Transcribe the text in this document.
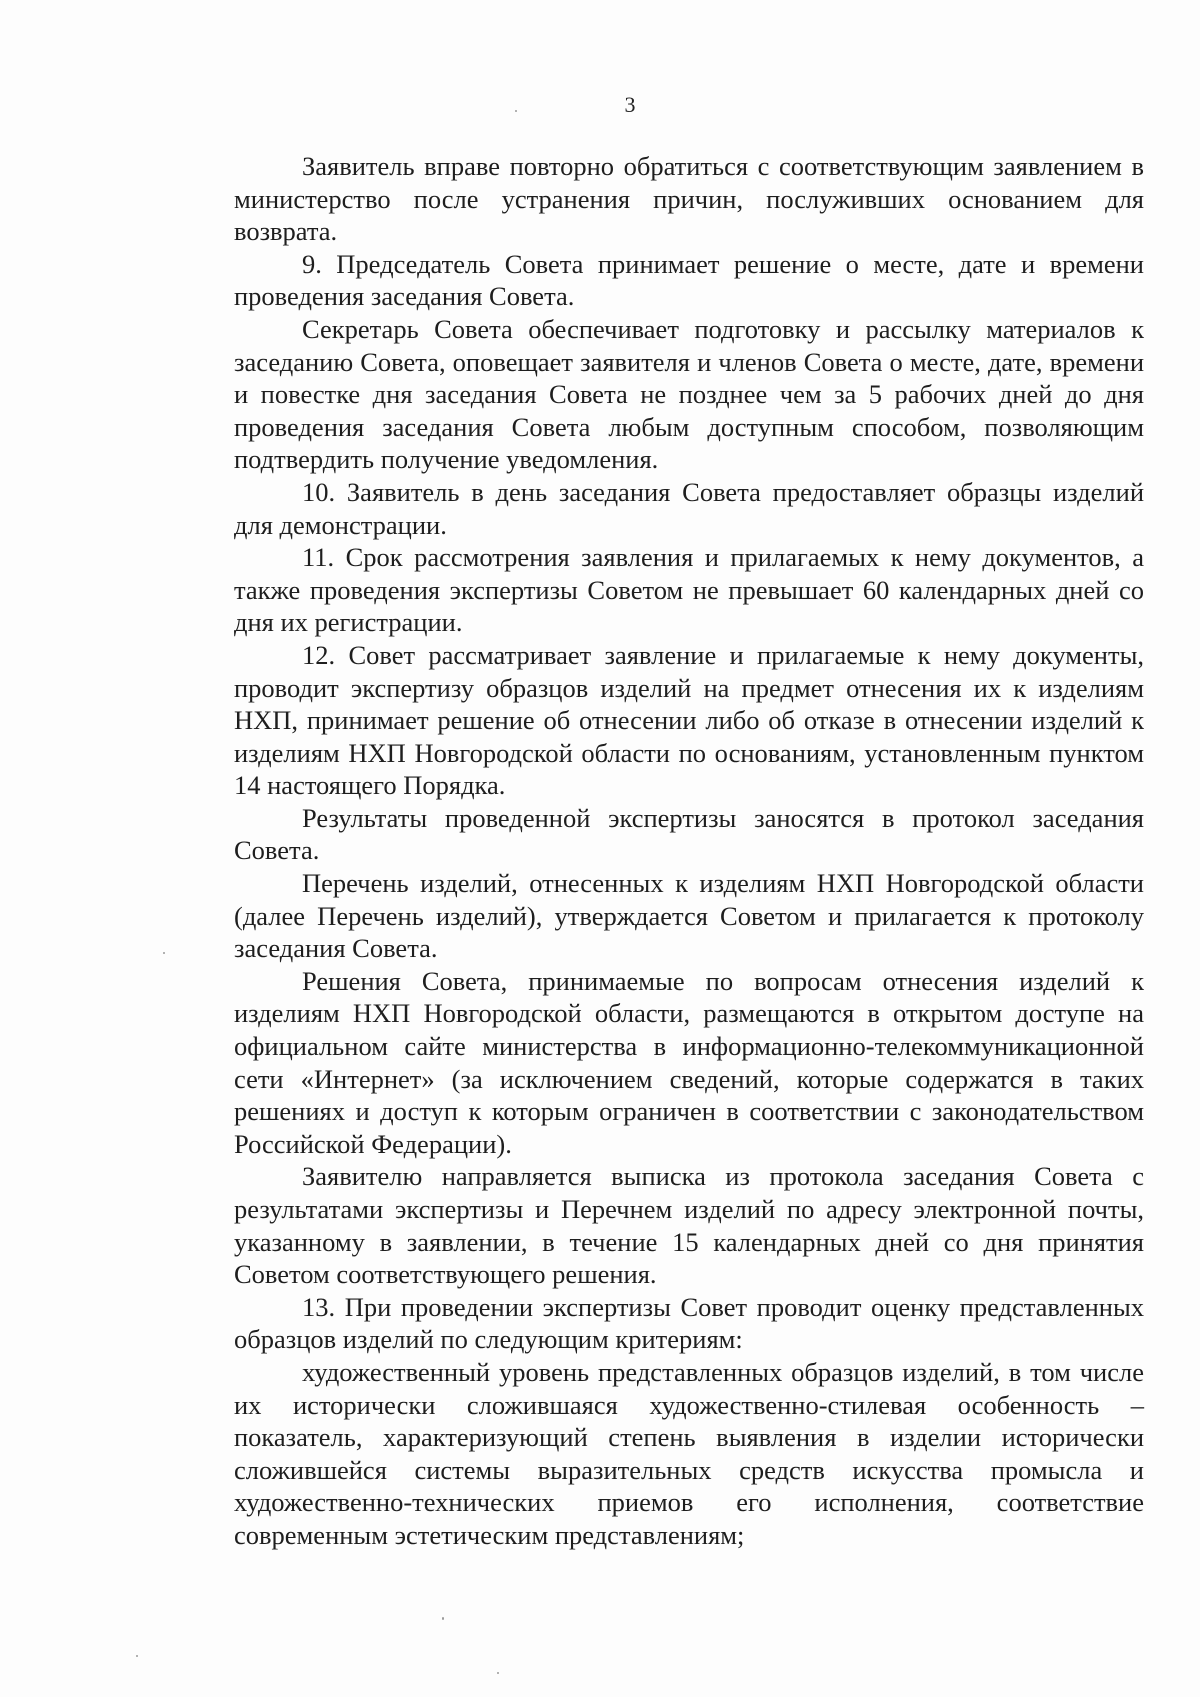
3

Заявитель вправе повторно обратиться с соответствующим заявлением в министерство после устранения причин, послуживших основанием для возврата.

9. Председатель Совета принимает решение о месте, дате и времени проведения заседания Совета.

Секретарь Совета обеспечивает подготовку и рассылку материалов к заседанию Совета, оповещает заявителя и членов Совета о месте, дате, времени и повестке дня заседания Совета не позднее чем за 5 рабочих дней до дня проведения заседания Совета любым доступным способом, позволяющим подтвердить получение уведомления.

10. Заявитель в день заседания Совета предоставляет образцы изделий для демонстрации.

11. Срок рассмотрения заявления и прилагаемых к нему документов, а также проведения экспертизы Советом не превышает 60 календарных дней со дня их регистрации.

12. Совет рассматривает заявление и прилагаемые к нему документы, проводит экспертизу образцов изделий на предмет отнесения их к изделиям НХП, принимает решение об отнесении либо об отказе в отнесении изделий к изделиям НХП Новгородской области по основаниям, установленным пунктом 14 настоящего Порядка.

Результаты проведенной экспертизы заносятся в протокол заседания Совета.

Перечень изделий, отнесенных к изделиям НХП Новгородской области (далее Перечень изделий), утверждается Советом и прилагается к протоколу заседания Совета.

Решения Совета, принимаемые по вопросам отнесения изделий к изделиям НХП Новгородской области, размещаются в открытом доступе на официальном сайте министерства в информационно-телекоммуникационной сети «Интернет» (за исключением сведений, которые содержатся в таких решениях и доступ к которым ограничен в соответствии с законодательством Российской Федерации).

Заявителю направляется выписка из протокола заседания Совета с результатами экспертизы и Перечнем изделий по адресу электронной почты, указанному в заявлении, в течение 15 календарных дней со дня принятия Советом соответствующего решения.

13. При проведении экспертизы Совет проводит оценку представленных образцов изделий по следующим критериям:

художественный уровень представленных образцов изделий, в том числе их исторически сложившаяся художественно-стилевая особенность – показатель, характеризующий степень выявления в изделии исторически сложившейся системы выразительных средств искусства промысла и художественно-технических приемов его исполнения, соответствие современным эстетическим представлениям;
